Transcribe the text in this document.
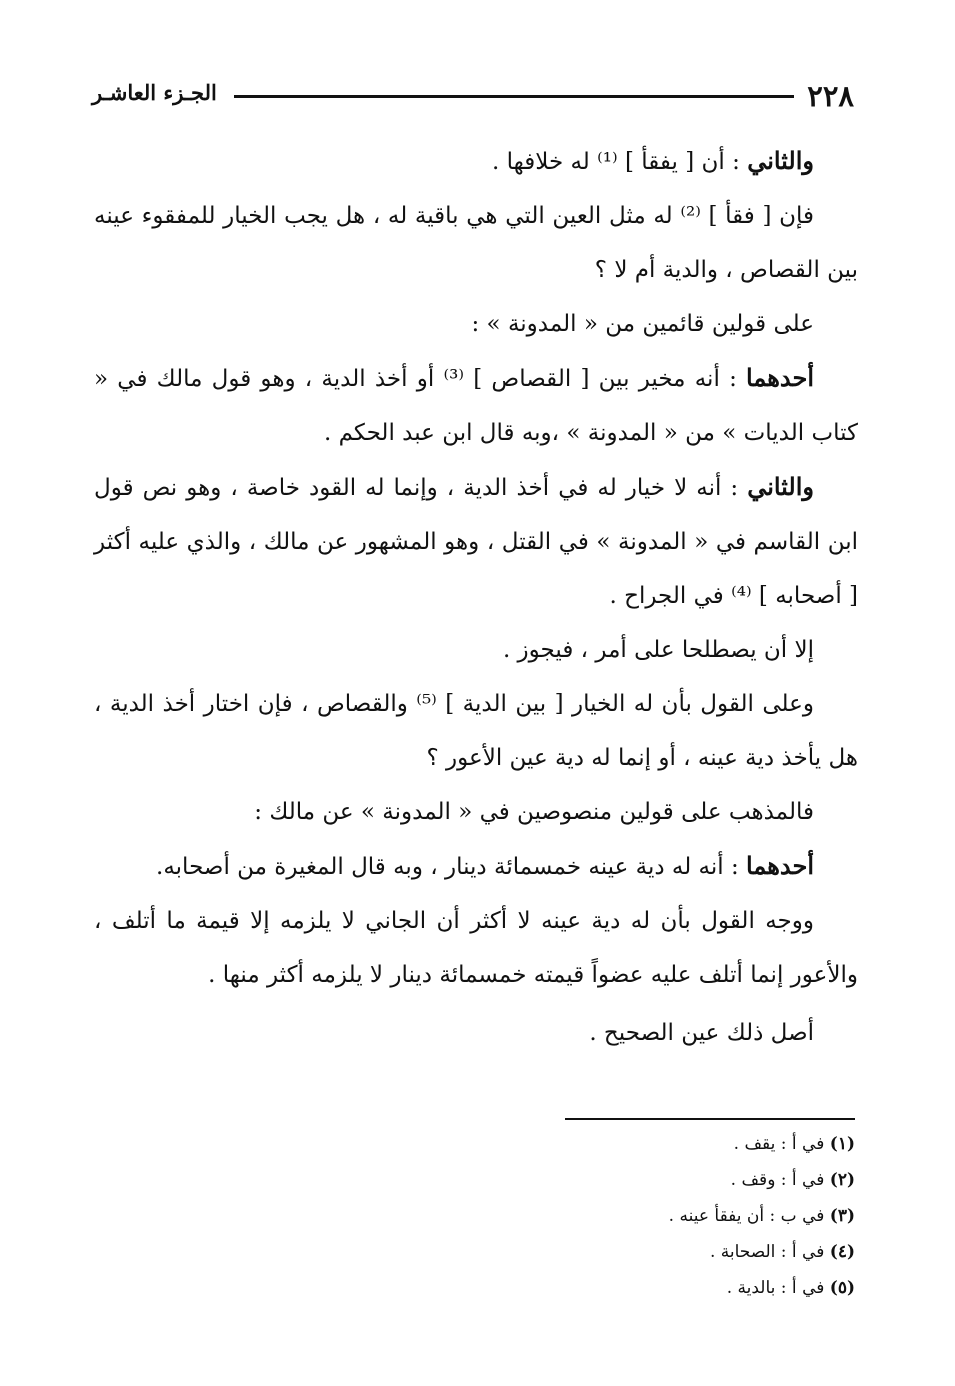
٢٢٨
الجـزء العاشـر

والثاني : أن [ يفقأ ] ⁽¹⁾ له خلافها .

فإن [ فقأ ] ⁽²⁾ له مثل العين التي هي باقية له ، هل يجب الخيار للمفقوء عينه بين القصاص ، والدية أم لا ؟

على قولين قائمين من « المدونة » :

أحدهما : أنه مخير بين [ القصاص ] ⁽³⁾ أو أخذ الدية ، وهو قول مالك في « كتاب الديات » من « المدونة » ،وبه قال ابن عبد الحكم .

والثاني : أنه لا خيار له في أخذ الدية ، وإنما له القود خاصة ، وهو نص قول ابن القاسم في « المدونة » في القتل ، وهو المشهور عن مالك ، والذي عليه أكثر [ أصحابه ] ⁽⁴⁾ في الجراح .

إلا أن يصطلحا على أمر ، فيجوز .

وعلى القول بأن له الخيار [ بين الدية ] ⁽⁵⁾ والقصاص ، فإن اختار أخذ الدية ، هل يأخذ دية عينه ، أو إنما له دية عين الأعور ؟

فالمذهب على قولين منصوصين في « المدونة » عن مالك :

أحدهما : أنه له دية عينه خمسمائة دينار ، وبه قال المغيرة من أصحابه.

ووجه القول بأن له دية عينه لا أكثر أن الجاني لا يلزمه إلا قيمة ما أتلف ، والأعور إنما أتلف عليه عضواً قيمته خمسمائة دينار لا يلزمه أكثر منها .

أصل ذلك عين الصحيح .

(١) في أ : يقف .
(٢) في أ : وقف .
(٣) في ب : أن يفقأ عينه .
(٤) في أ : الصحابة .
(٥) في أ : بالدية .
